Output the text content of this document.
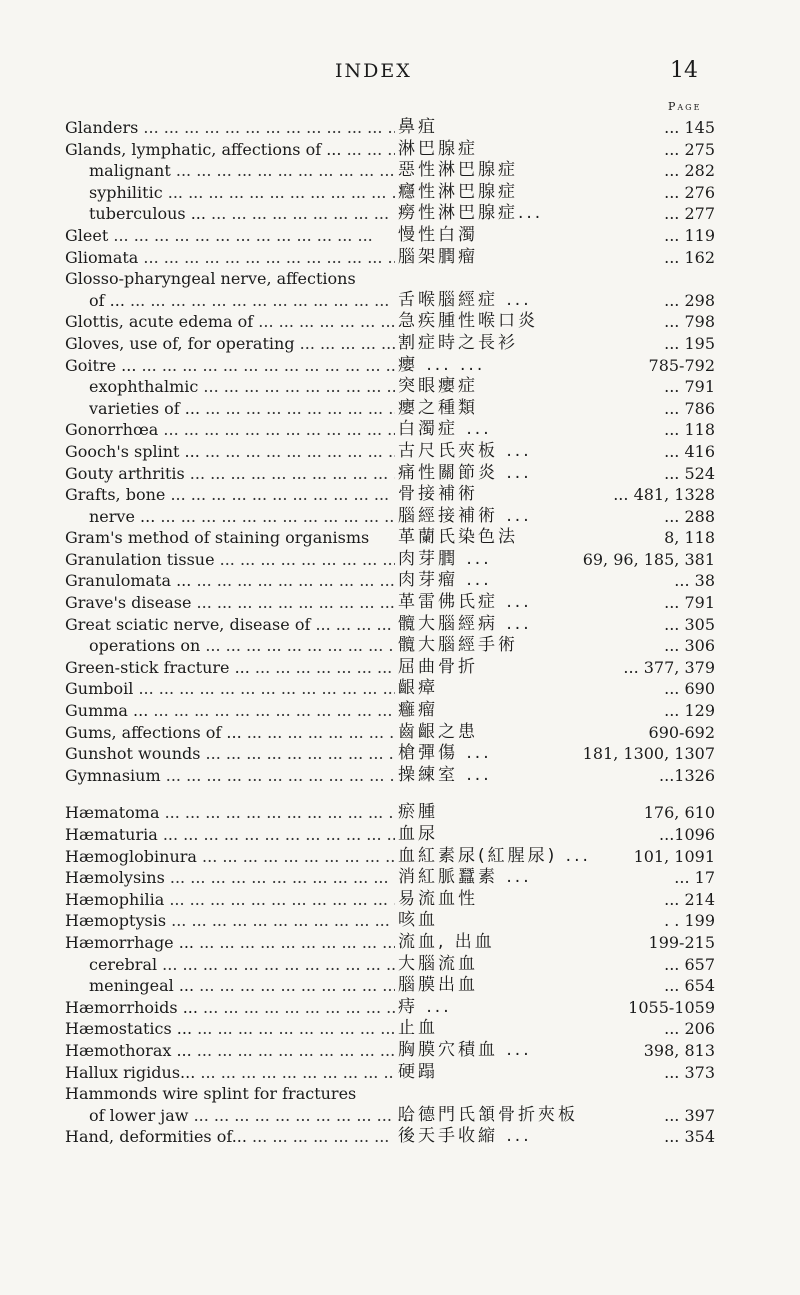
INDEX	14
Page
Glanders ... .	鼻疽	... 145
Glands, lymphatic, affections of ... ... .	淋巴腺症	... 275
malignant ... .	惡性淋巴腺症	... 282
syphilitic ... .	癮性淋巴腺症	... 276
tuberculous ... ... .	癆性淋巴腺症...	... 277
Gleet ... .	慢性白濁	... 119
Gliomata ... .	腦架膶瘤	... 162
Glosso-pharyngeal nerve, affections
of ... ... .	舌喉腦經症 ...	... 298
Glottis, acute edema of ... .	急疾腫性喉口炎	... 798
Gloves, use of, for operating ... .	割症時之長衫	... 195
Goitre ... ... .	癭 ... ...	785-792
exophthalmic ... .	突眼癭症	... 791
varieties of ... ... .	癭之種類	... 786
Gonorrhœa ... .	白濁症 ...	... 118
Gooch's splint ... ... .	古尺氏夾板 ...	... 416
Gouty arthritis ... .	痛性關節炎 ...	... 524
Grafts, bone ... .	骨接補術	... 481, 1328
nerve ... ... .	腦經接補術 ...	... 288
Gram's method of staining organisms 革蘭氏染色法	8, 118
Granulation tissue ... .	肉芽膶 ...	69, 96, 185, 381
Granulomata ... ... .	肉芽瘤 ...	... 38
Grave's disease ... .	革雷佛氏症 ...	... 791
Great sciatic nerve, disease of ... .	髖大腦經病 ...	... 305
operations on ... .	髖大腦經手術	... 306
Green-stick fracture ... ... .	屈曲骨折	... 377, 379
Gumboil ... .	齦瘴	... 690
Gumma ... ... .	癰瘤	... 129
Gums, affections of ... ... .	齒齦之患	690-692
Gunshot wounds ... .	槍彈傷 ...	181, 1300, 1307
Gymnasium ... .	操練室 ...	...1326
Hæmatoma ... .	瘀腫	176, 610
Hæmaturia ... .	血尿	...1096
Hæmoglobinura ... .	血紅素尿(紅腥尿) ...	101, 1091
Hæmolysins ... .	消紅脈蠶素 ...	... 17
Hæmophilia ... .	易流血性	... 214
Hæmoptysis ... .	咳血	. . 199
Hæmorrhage ... ... .	流血, 出血	199-215
cerebral ... .	大腦流血	... 657
meningeal ... ... .	腦膜出血	... 654
Hæmorrhoids ... ... .	痔 ...	1055-1059
Hæmostatics ... ... .	止血	... 206
Hæmothorax ... ... .	胸膜穴積血 ...	398, 813
Hallux rigidus... ... .	硬蹋	... 373
Hammonds wire splint for fractures
of lower jaw ... .	哈德門氏頷骨折夾板	... 397
Hand, deformities of... ... .	後天手收縮 ...	... 354
